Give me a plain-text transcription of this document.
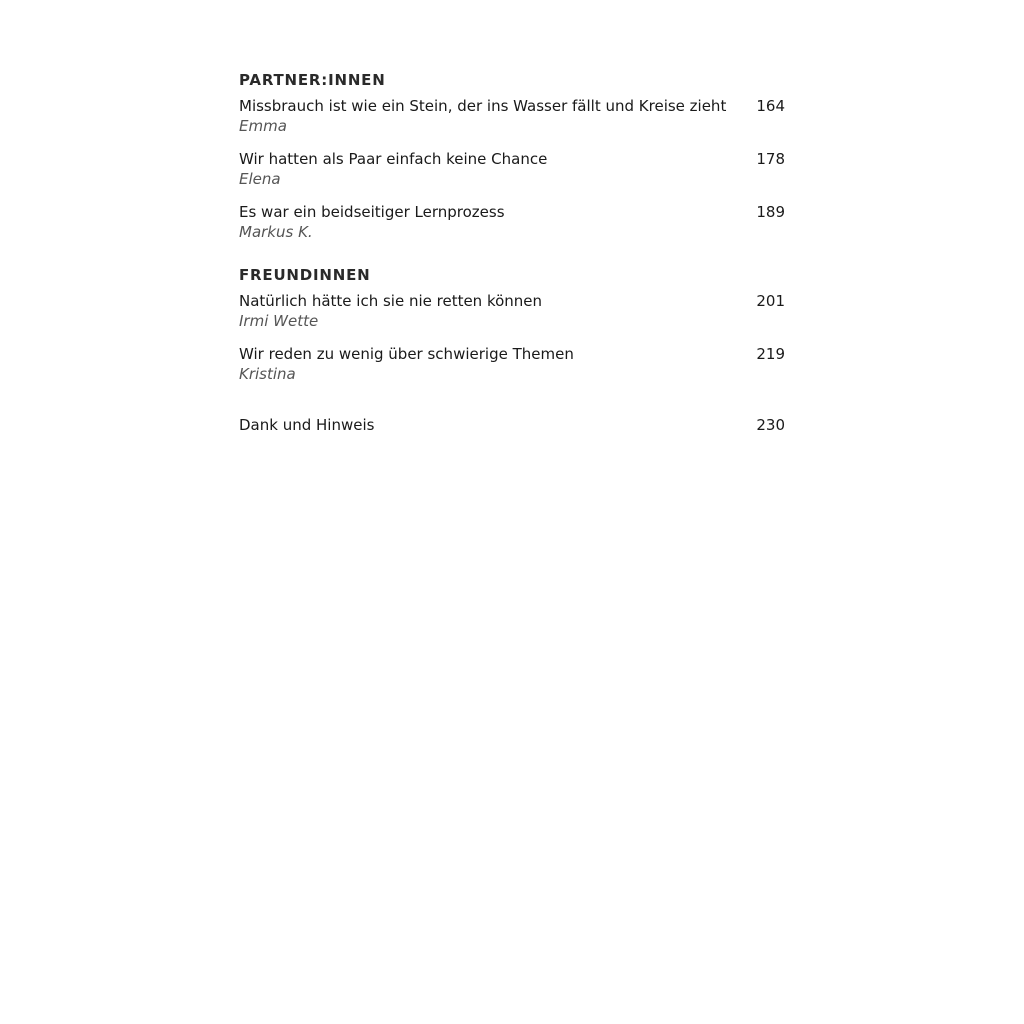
PARTNER:INNEN
Missbrauch ist wie ein Stein, der ins Wasser fällt und Kreise zieht
Emma
164
Wir hatten als Paar einfach keine Chance
Elena
178
Es war ein beidseitiger Lernprozess
Markus K.
189
FREUNDINNEN
Natürlich hätte ich sie nie retten können
Irmi Wette
201
Wir reden zu wenig über schwierige Themen
Kristina
219
Dank und Hinweis	230
